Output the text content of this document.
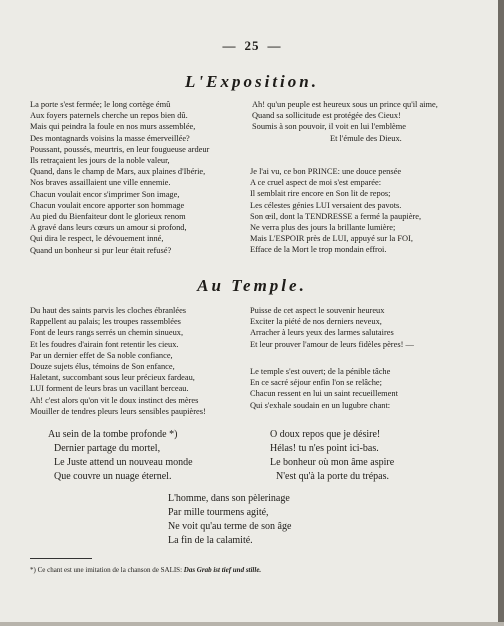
— 25 —
L'Exposition.
La porte s'est fermée; le long cortège émû
Aux foyers paternels cherche un repos bien dû.
Mais qui peindra la foule en nos murs assemblée,
Des montagnards voisins la masse émerveillée?
Poussant, poussés, meurtris, en leur fougueuse ardeur
Ils retraçaient les jours de la noble valeur,
Quand, dans le champ de Mars, aux plaines d'Ibérie,
Nos braves assaillaient une ville ennemie.
Chacun voulait encor s'imprimer Son image,
Chacun voulait encore apporter son hommage
Au pied du Bienfaiteur dont le glorieux renom
A gravé dans leurs cœurs un amour si profond,
Qui dira le respect, le dévouement inné,
Quand un bonheur si pur leur était refusé?
Ah! qu'un peuple est heureux sous un prince qu'il aime,
Quand sa sollicitude est protégée des Cieux!
Soumis à son pouvoir, il voit en lui l'emblème
Et l'émule des Dieux.
Je l'ai vu, ce bon PRINCE: une douce pensée
A ce cruel aspect de moi s'est emparée:
Il semblait rire encore en Son lit de repos;
Les célestes génies LUI versaient des pavots.
Son œil, dont la TENDRESSE a fermé la paupière,
Ne verra plus des jours la brillante lumière;
Mais L'ESPOIR près de LUI, appuyé sur la FOI,
Efface de la Mort le trop mondain effroi.
Au Temple.
Du haut des saints parvis les cloches ébranlées
Rappellent au palais; les troupes rassemblées
Font de leurs rangs serrés un chemin sinueux,
Et les foudres d'airain font retentir les cieux.
Par un dernier effet de Sa noble confiance,
Douze sujets élus, témoins de Son enfance,
Haletant, succombant sous leur précieux fardeau,
LUI forment de leurs bras un vacillant berceau.
Ah! c'est alors qu'on vit le doux instinct des mères
Mouiller de tendres pleurs leurs sensibles paupières!
Puisse de cet aspect le souvenir heureux
Exciter la piété de nos derniers neveux,
Arracher à leurs yeux des larmes salutaires
Et leur prouver l'amour de leurs fidèles pères! —
Le temple s'est ouvert; de la pénible tâche
En ce sacré séjour enfin l'on se relâche;
Chacun ressent en lui un saint recueillement
Qui s'exhale soudain en un lugubre chant:
Au sein de la tombe profonde *)
Dernier partage du mortel,
Le Juste attend un nouveau monde
Que couvre un nuage éternel.
O doux repos que je désire!
Hélas! tu n'es point ici-bas.
Le bonheur où mon âme aspire
N'est qu'à la porte du trépas.
L'homme, dans son pèlerinage
Par mille tourmens agité,
Ne voit qu'au terme de son âge
La fin de la calamité.
*) Ce chant est une imitation de la chanson de SALIS: Das Grab ist tief und stille.
